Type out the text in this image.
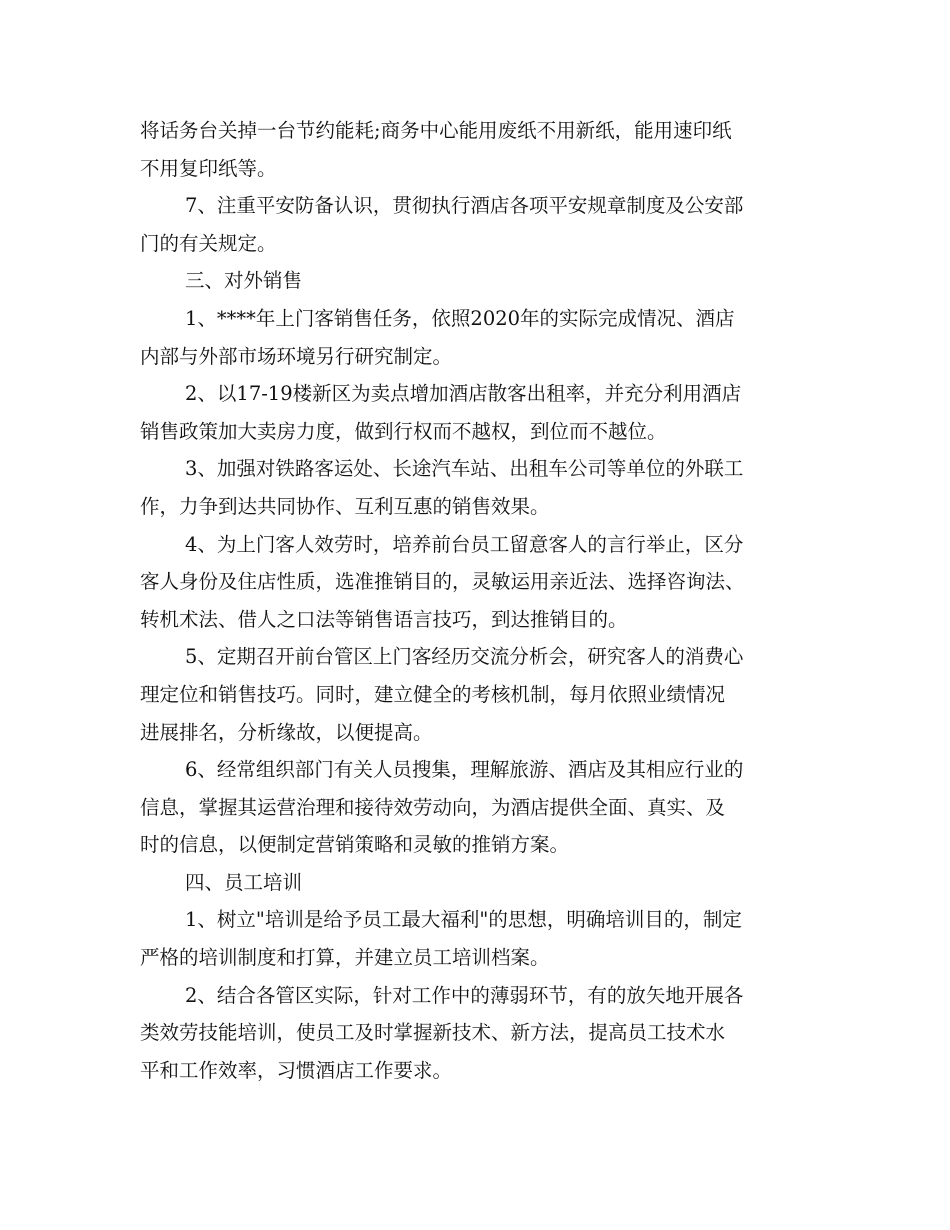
将话务台关掉一台节约能耗;商务中心能用废纸不用新纸，能用速印纸
不用复印纸等。
7、注重平安防备认识，贯彻执行酒店各项平安规章制度及公安部
门的有关规定。
三、对外销售
1、****年上门客销售任务，依照2020年的实际完成情况、酒店
内部与外部市场环境另行研究制定。
2、以17-19楼新区为卖点增加酒店散客出租率，并充分利用酒店
销售政策加大卖房力度，做到行权而不越权，到位而不越位。
3、加强对铁路客运处、长途汽车站、出租车公司等单位的外联工
作，力争到达共同协作、互利互惠的销售效果。
4、为上门客人效劳时，培养前台员工留意客人的言行举止，区分
客人身份及住店性质，选准推销目的，灵敏运用亲近法、选择咨询法、
转机术法、借人之口法等销售语言技巧，到达推销目的。
5、定期召开前台管区上门客经历交流分析会，研究客人的消费心
理定位和销售技巧。同时，建立健全的考核机制，每月依照业绩情况
进展排名，分析缘故，以便提高。
6、经常组织部门有关人员搜集，理解旅游、酒店及其相应行业的
信息，掌握其运营治理和接待效劳动向，为酒店提供全面、真实、及
时的信息，以便制定营销策略和灵敏的推销方案。
四、员工培训
1、树立"培训是给予员工最大福利"的思想，明确培训目的，制定
严格的培训制度和打算，并建立员工培训档案。
2、结合各管区实际，针对工作中的薄弱环节，有的放矢地开展各
类效劳技能培训，使员工及时掌握新技术、新方法，提高员工技术水
平和工作效率，习惯酒店工作要求。
